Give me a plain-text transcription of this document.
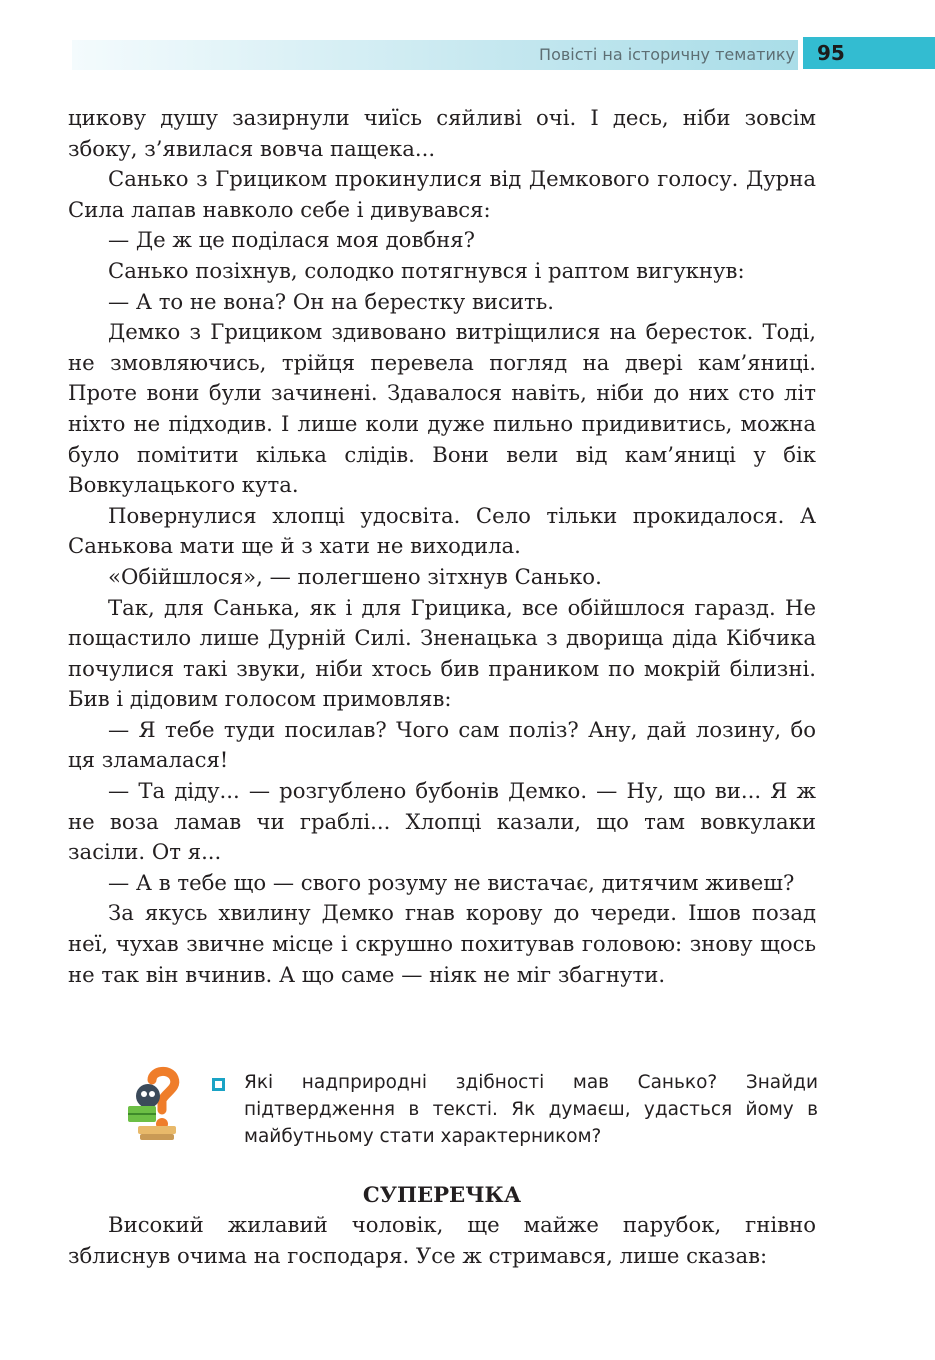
Повісті на історичну тематику	95

цикову душу зазирнули чиїсь сяйливі очі. І десь, ніби зовсім збоку, з’явилася вовча пащека...

Санько з Грициком прокинулися від Демкового голосу. Дурна Сила лапав навколо себе і дивувався:

— Де ж це поділася моя довбня?

Санько позіхнув, солодко потягнувся і раптом вигукнув:

— А то не вона? Он на берестку висить.

Демко з Грициком здивовано витріщилися на бересток. Тоді, не змовляючись, трійця перевела погляд на двері кам’яниці. Проте вони були зачинені. Здавалося навіть, ніби до них сто літ ніхто не підходив. І лише коли дуже пильно придивитись, можна було помітити кілька слідів. Вони вели від кам’яниці у бік Вовкулацького кута.

Повернулися хлопці удосвіта. Село тільки прокидалося. А Санькова мати ще й з хати не виходила.

«Обійшлося», — полегшено зітхнув Санько.

Так, для Санька, як і для Грицика, все обійшлося гаразд. Не пощастило лише Дурній Силі. Зненацька з дворища діда Кібчика почулися такі звуки, ніби хтось бив праником по мокрій білизні. Бив і дідовим голосом примовляв:

— Я тебе туди посилав? Чого сам поліз? Ану, дай лозину, бо ця зламалася!

— Та діду... — розгублено бубонів Демко. — Ну, що ви... Я ж не воза ламав чи граблі... Хлопці казали, що там вовкулаки засіли. От я...

— А в тебе що — свого розуму не вистачає, дитячим живеш?

За якусь хвилину Демко гнав корову до череди. Ішов позад неї, чухав звичне місце і скрушно похитував головою: знову щось не так він вчинив. А що саме — ніяк не міг збагнути.

Які надприродні здібності мав Санько? Знайди підтвердження в тексті. Як думаєш, удасться йому в майбутньому стати характерником?
СУПЕРЕЧКА

Високий жилавий чоловік, ще майже парубок, гнівно зблиснув очима на господаря. Усе ж стримався, лише сказав:
